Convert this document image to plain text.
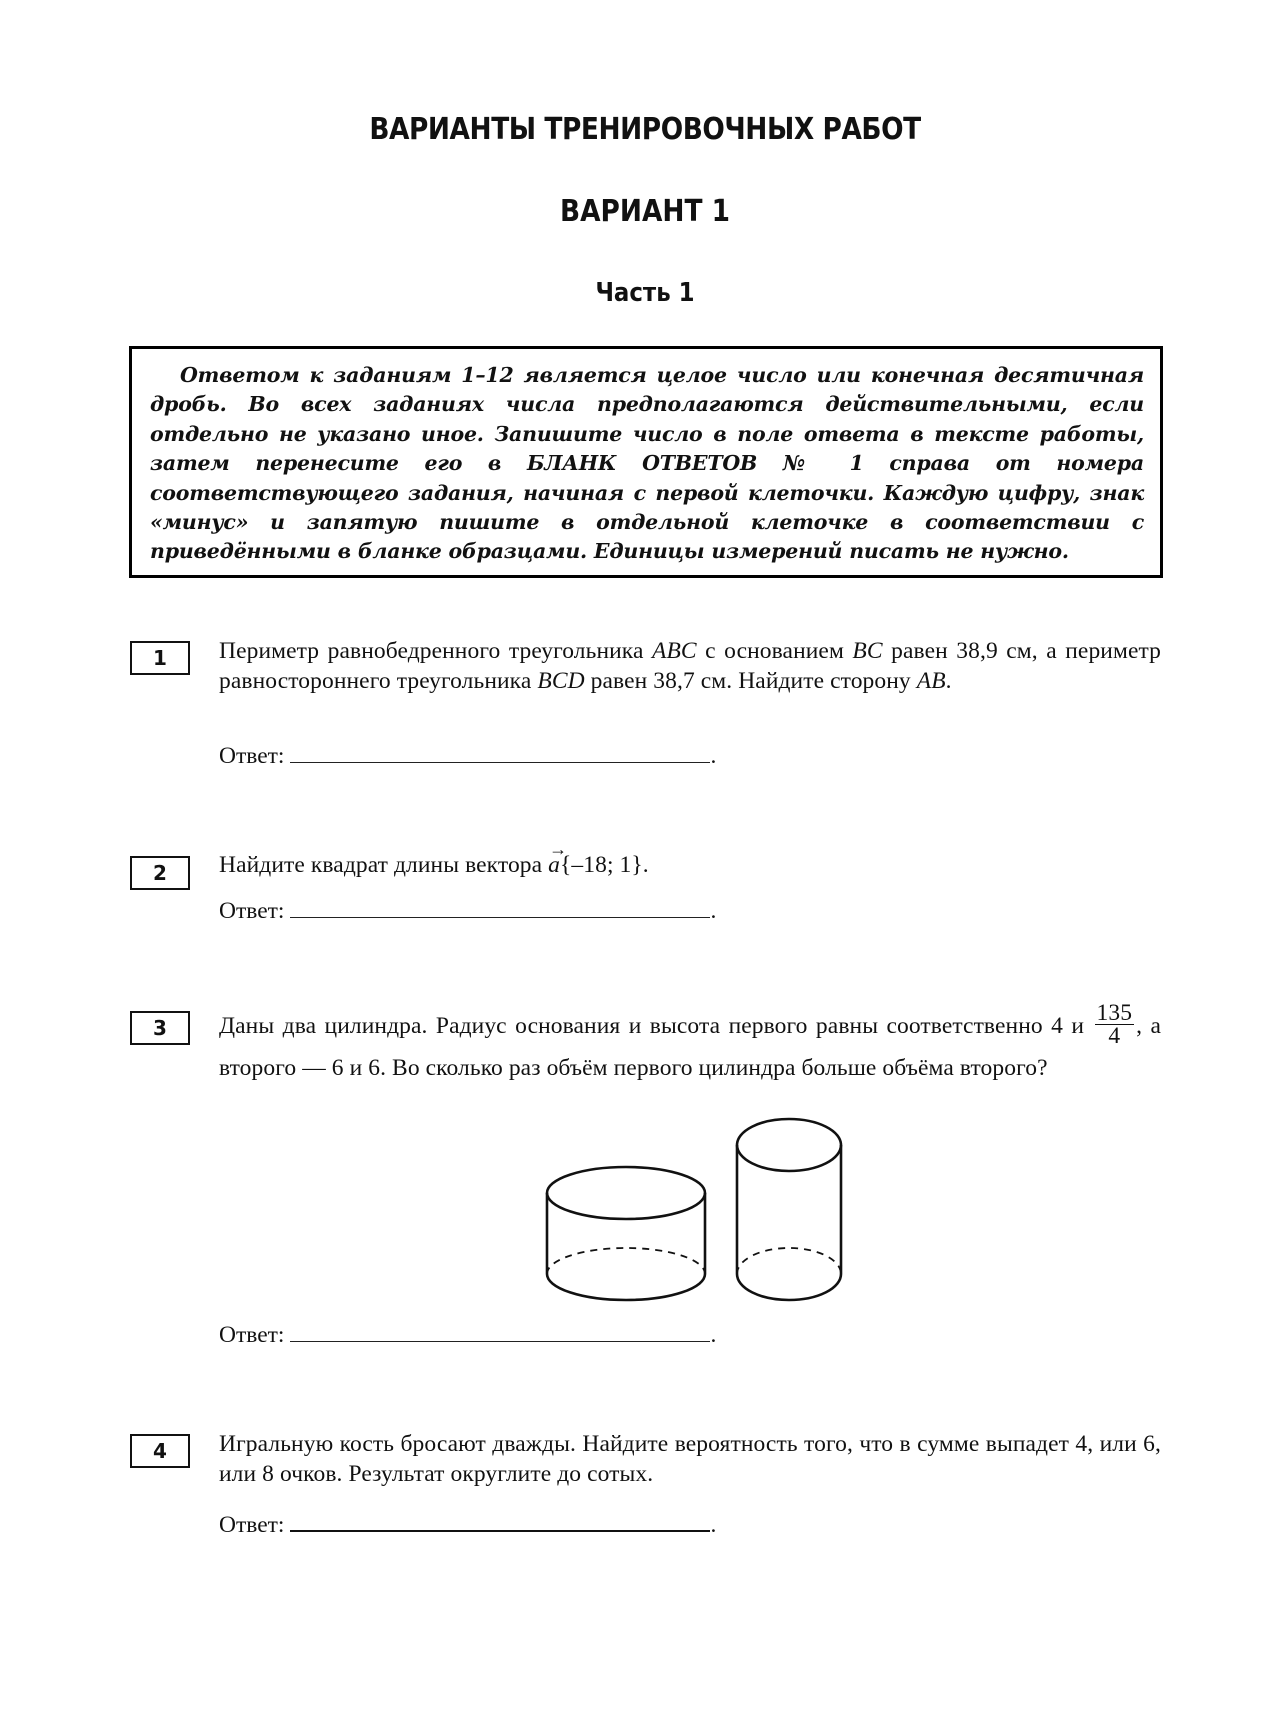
ВАРИАНТЫ ТРЕНИРОВОЧНЫХ РАБОТ
ВАРИАНТ 1
Часть 1
Ответом к заданиям 1–12 является целое число или конечная десятичная дробь. Во всех заданиях числа предполагаются действительными, если отдельно не указано иное. Запишите число в поле ответа в тексте работы, затем перенесите его в БЛАНК ОТВЕТОВ № 1 справа от номера соответствующего задания, начиная с первой клеточки. Каждую цифру, знак «минус» и запятую пишите в отдельной клеточке в соответствии с приведёнными в бланке образцами. Единицы измерений писать не нужно.
1	Периметр равнобедренного треугольника ABC с основанием BC равен 38,9 см, а периметр равностороннего треугольника BCD равен 38,7 см. Найдите сторону AB.
Ответ:	.
2	Найдите квадрат длины вектора
→
a{–18; 1}.
Ответ:	.
3	Даны два цилиндра. Радиус основания и высота первого равны соответственно 4 и $\frac{135}{4}$ , а второго — 6 и 6. Во сколько раз объём первого цилиндра больше объёма второго?
Ответ:	.
4	Игральную кость бросают дважды. Найдите вероятность того, что в сумме выпадет 4, или 6, или 8 очков. Результат округлите до сотых.
Ответ:	.
